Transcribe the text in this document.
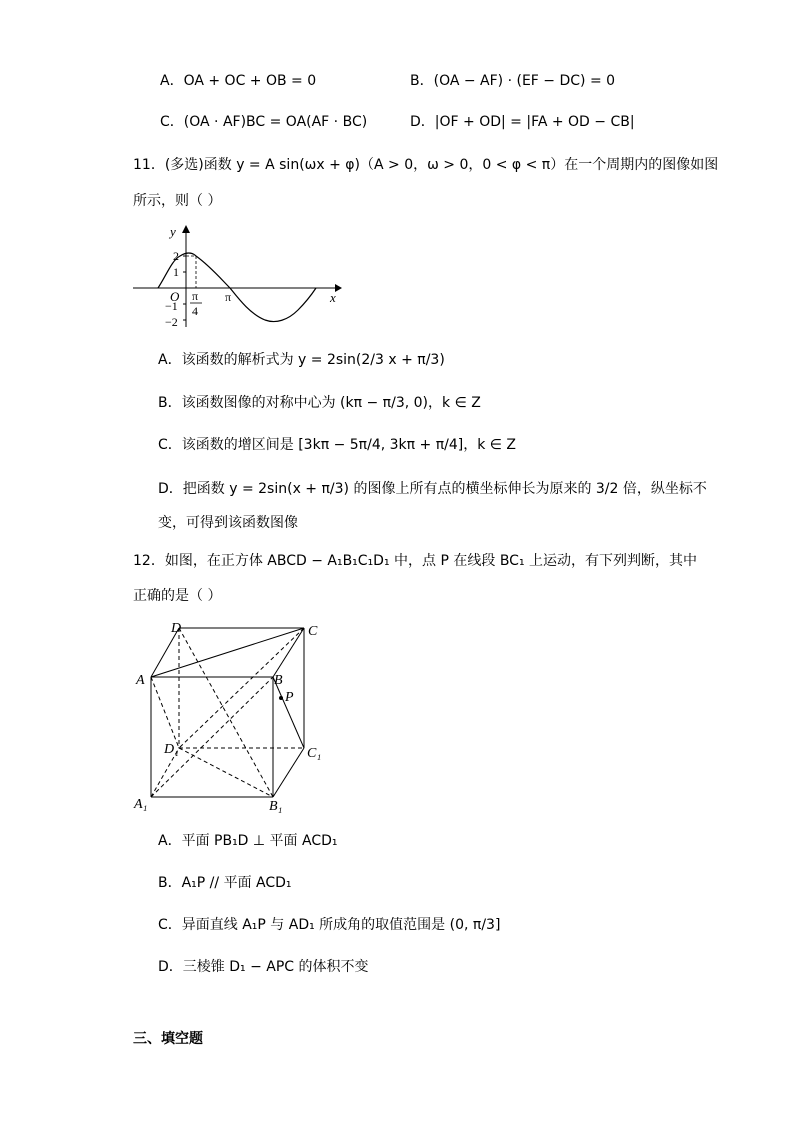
A．OA + OC + OB = 0	B．(OA − AF) · (EF − DC) = 0
C．(OA · AF)BC = OA(AF · BC)	D．|OF + OD| = |FA + OD − CB|
11．(多选)函数 y = A sin(ωx + φ)（A > 0，ω > 0，0 < φ < π）在一个周期内的图像如图
所示，则（ ）
y
x
O
2
1
−1
−2
π
4
π
A．该函数的解析式为 y = 2sin(2/3 x + π/3)
B．该函数图像的对称中心为 (kπ − π/3, 0)，k ∈ Z
C．该函数的增区间是 [3kπ − 5π/4, 3kπ + π/4]，k ∈ Z
D．把函数 y = 2sin(x + π/3) 的图像上所有点的横坐标伸长为原来的 3/2 倍，纵坐标不
变，可得到该函数图像
12．如图，在正方体 ABCD − A₁B₁C₁D₁ 中，点 P 在线段 BC₁ 上运动，有下列判断，其中
正确的是（ ）
D	C
A	B
P
D₁	C₁
A₁	B₁
A．平面 PB₁D ⊥ 平面 ACD₁
B．A₁P // 平面 ACD₁
C．异面直线 A₁P 与 AD₁ 所成角的取值范围是 (0, π/3]
D．三棱锥 D₁ − APC 的体积不变
三、填空题
